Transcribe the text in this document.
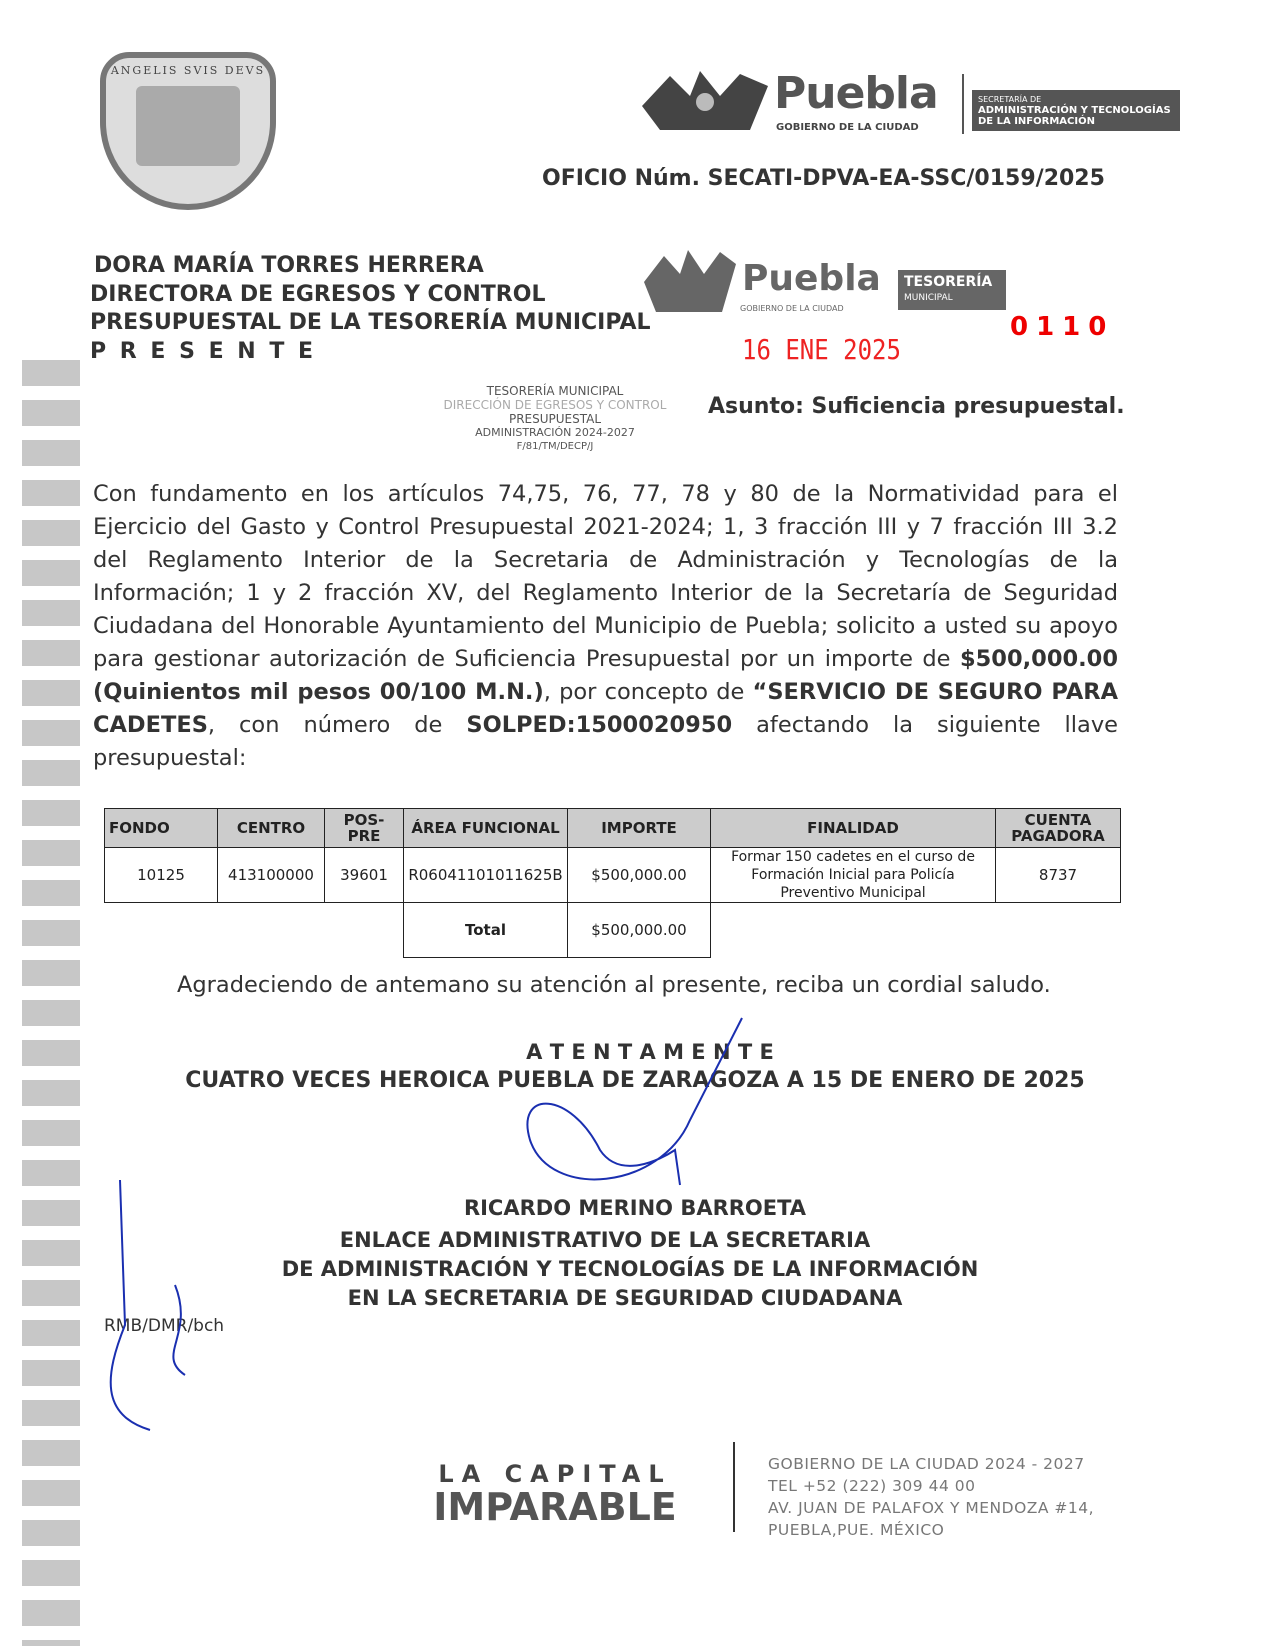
ANGELIS SVIS DEVS	Puebla
GOBIERNO DE LA CIUDAD
SECRETARÍA DE
ADMINISTRACIÓN Y TECNOLOGÍAS
DE LA INFORMACIÓN
OFICIO Núm. SECATI-DPVA-EA-SSC/0159/2025
DORA MARÍA TORRES HERRERA
DIRECTORA DE EGRESOS Y CONTROL
PRESUPUESTAL DE LA TESORERÍA MUNICIPAL
P R E S E N T E
Puebla
GOBIERNO DE LA CIUDAD
TESORERÍA
MUNICIPAL
16 ENE 2025
0110
TESORERÍA MUNICIPAL
DIRECCIÓN DE EGRESOS Y CONTROL
PRESUPUESTAL
ADMINISTRACIÓN 2024-2027
F/81/TM/DECP/J
Asunto: Suficiencia presupuestal.
Con fundamento en los artículos 74,75, 76, 77, 78 y 80 de la Normatividad para el Ejercicio del Gasto y Control Presupuestal 2021-2024; 1, 3 fracción III y 7 fracción III 3.2 del Reglamento Interior de la Secretaria de Administración y Tecnologías de la Información; 1 y 2 fracción XV, del Reglamento Interior de la Secretaría de Seguridad Ciudadana del Honorable Ayuntamiento del Municipio de Puebla; solicito a usted su apoyo para gestionar autorización de Suficiencia Presupuestal por un importe de $500,000.00 (Quinientos mil pesos 00/100 M.N.), por concepto de “SERVICIO DE SEGURO PARA CADETES, con número de SOLPED:1500020950 afectando la siguiente llave presupuestal:
FONDO	CENTRO	POS-PRE	ÁREA FUNCIONAL	IMPORTE	FINALIDAD	CUENTA PAGADORA
10125	413100000	39601	R06041101011625B	$500,000.00	Formar 150 cadetes en el curso de Formación Inicial para Policía Preventivo Municipal	8737
			Total	$500,000.00		
Agradeciendo de antemano su atención al presente, reciba un cordial saludo.
A T E N T A M E N T E
CUATRO VECES HEROICA PUEBLA DE ZARAGOZA A 15 DE ENERO DE 2025
RICARDO MERINO BARROETA
ENLACE ADMINISTRATIVO DE LA SECRETARIA
DE ADMINISTRACIÓN Y TECNOLOGÍAS DE LA INFORMACIÓN
EN LA SECRETARIA DE SEGURIDAD CIUDADANA
RMB/DMR/bch
LA CAPITAL
IMPARABLE
GOBIERNO DE LA CIUDAD 2024 - 2027
TEL +52 (222) 309 44 00
AV. JUAN DE PALAFOX Y MENDOZA #14,
PUEBLA,PUE. MÉXICO
